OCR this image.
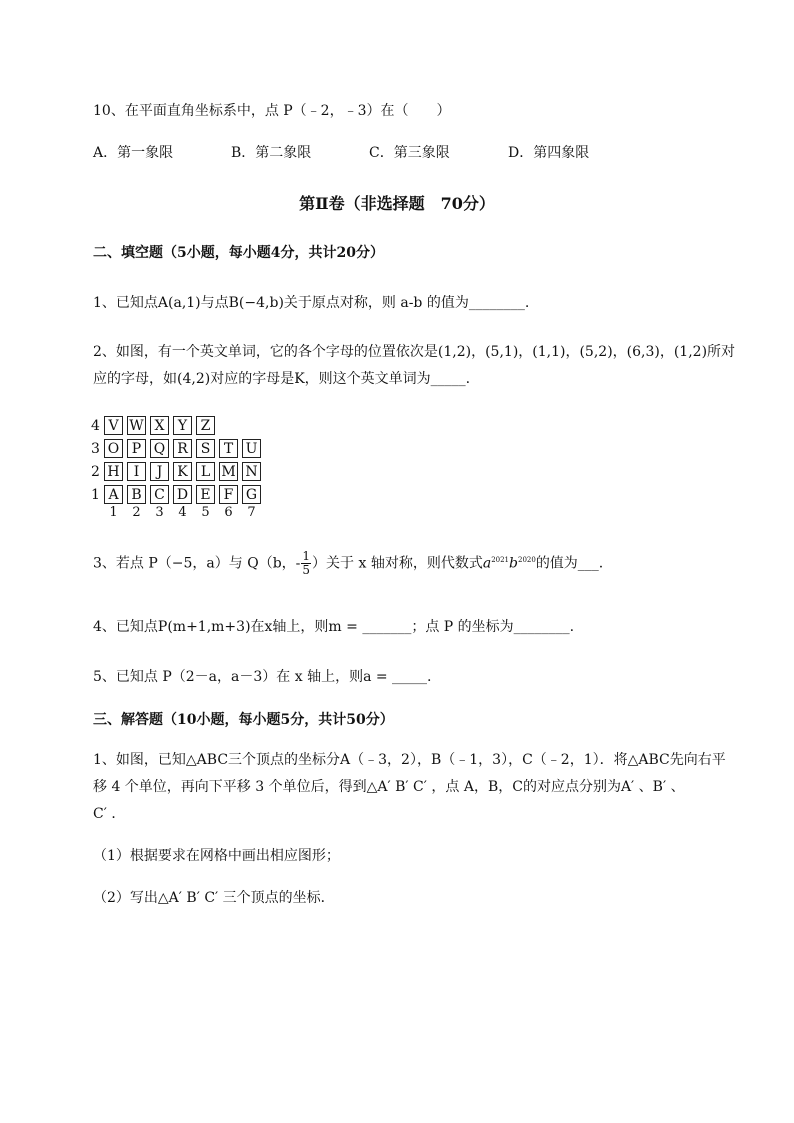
10、在平面直角坐标系中，点 P（﹣2，﹣3）在（　　）
A．第一象限	B．第二象限	C．第三象限	D．第四象限
第Ⅱ卷（非选择题　70分）
二、填空题（5小题，每小题4分，共计20分）
1、已知点A(a,1)与点B(−4,b)关于原点对称，则 a-b 的值为________.
2、如图，有一个英文单词，它的各个字母的位置依次是(1,2)，(5,1)，(1,1)，(5,2)，(6,3)，(1,2)所对
应的字母，如(4,2)对应的字母是K，则这个英文单词为_____.
4 V W X Y Z
3 O P Q R S T U
2 H	I	J	K L M N
1 A B C D E F G
1	2	3	4	5	6	7
3、若点 P（−5，a）与 Q（b，- $\frac{1}{5}$ ）关于 x 轴对称，则代数式$a^{2021}b^{2020}$的值为___.
4、已知点P(m+1,m+3)在x轴上，则m = _______；点 P 的坐标为________.
5、已知点 P（2－a，a－3）在 x 轴上，则a = _____.
三、解答题（10小题，每小题5分，共计50分）
1、如图，已知△ABC三个顶点的坐标分A（﹣3，2），B（﹣1，3），C（﹣2，1）．将△ABC先向右平
移 4 个单位，再向下平移 3 个单位后，得到△A′ B′ C′ ，点 A，B，C的对应点分别为A′ 、B′ 、
C′ ．
（1）根据要求在网格中画出相应图形；
（2）写出△A′ B′ C′ 三个顶点的坐标．
